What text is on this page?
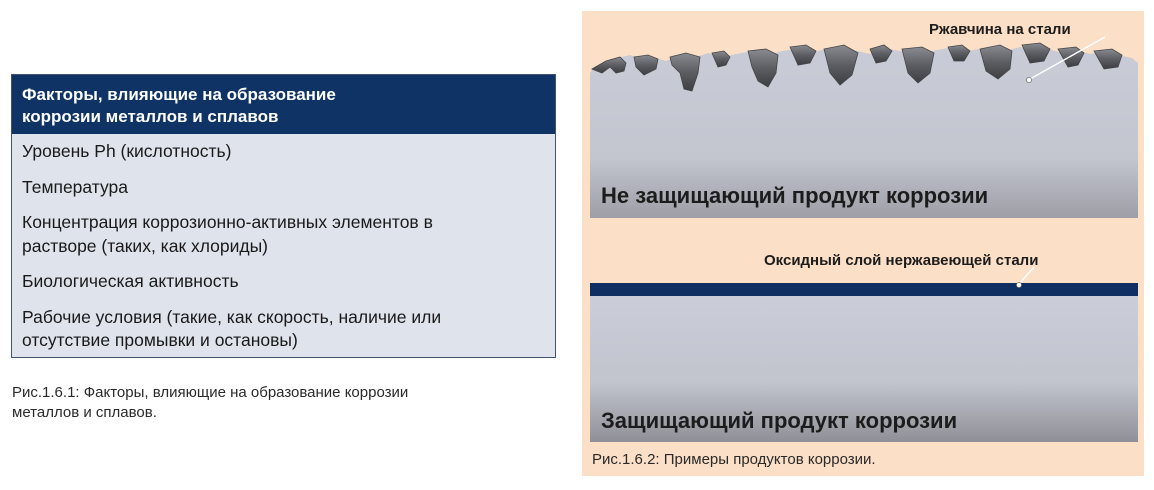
Факторы, влияющие на образование
коррозии металлов и сплавов
Уровень Ph (кислотность)
Температура
Концентрация коррозионно-активных элементов в
растворе (таких, как хлориды)
Биологическая активность
Рабочие условия (такие, как скорость, наличие или
отсутствие промывки и остановы)
Рис.1.6.1: Факторы, влияющие на образование коррозии
металлов и сплавов.
Ржавчина на стали
Не защищающий продукт коррозии
Оксидный слой нержавеющей стали
Защищающий продукт коррозии
Рис.1.6.2: Примеры продуктов коррозии.
